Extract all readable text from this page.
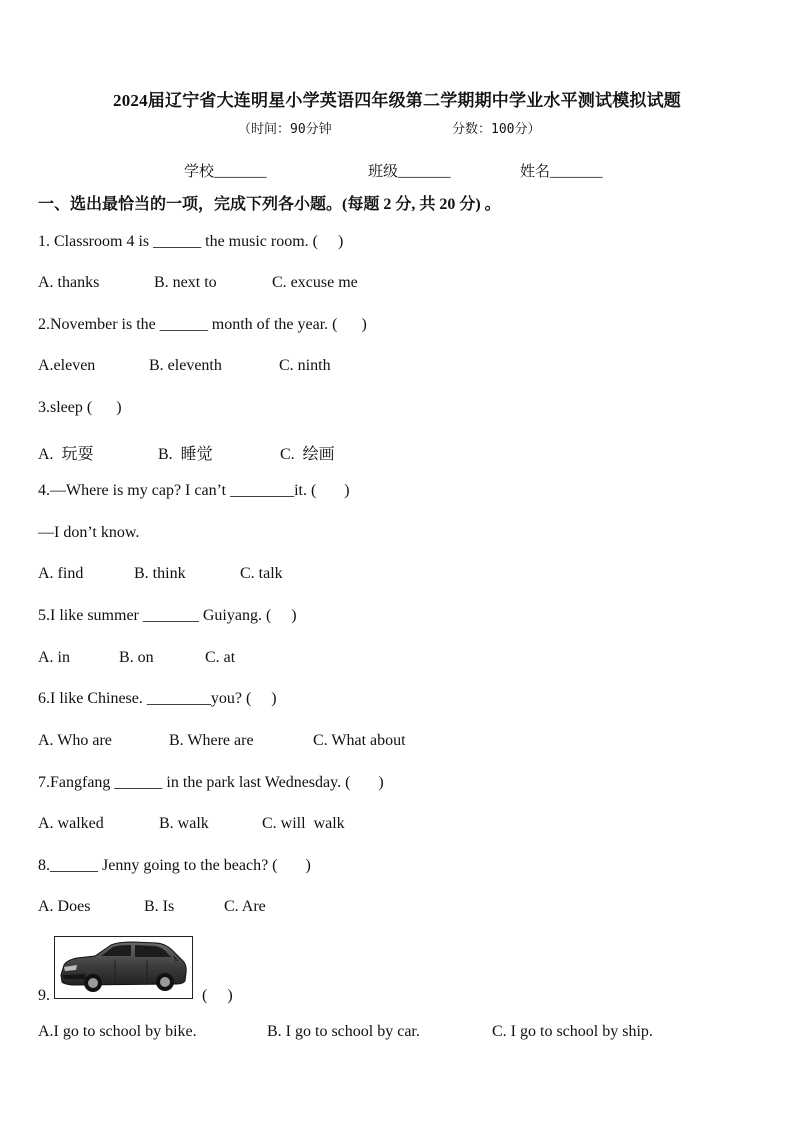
2024届辽宁省大连明星小学英语四年级第二学期期中学业水平测试模拟试题
（时间：90分钟	分数：100分）
学校_______	班级_______	姓名_______
一、选出最恰当的一项，完成下列各小题。(每题 2 分, 共 20 分) 。
1. Classroom 4 is ______ the music room. (     )
A. thanks	B. next to	C. excuse me
2.November is the ______ month of the year. (      )
A.eleven	B. eleventh	C. ninth
3.sleep (      )
A.  玩耍	B.  睡觉	C.  绘画
4.—Where is my cap? I can’t ________it. (       )
—I don’t know.
A. find	B. think	C. talk
5.I like summer _______ Guiyang. (     )
A. in	B. on	C. at
6.I like Chinese. ________you? (     )
A. Who are	B. Where are	C. What about
7.Fangfang ______ in the park last Wednesday. (       )
A. walked	B. walk	C. will  walk
8.______ Jenny going to the beach? (       )
A. Does	B. Is	C. Are
9.	(     )
A.I go to school by bike.	B. I go to school by car.	C. I go to school by ship.
